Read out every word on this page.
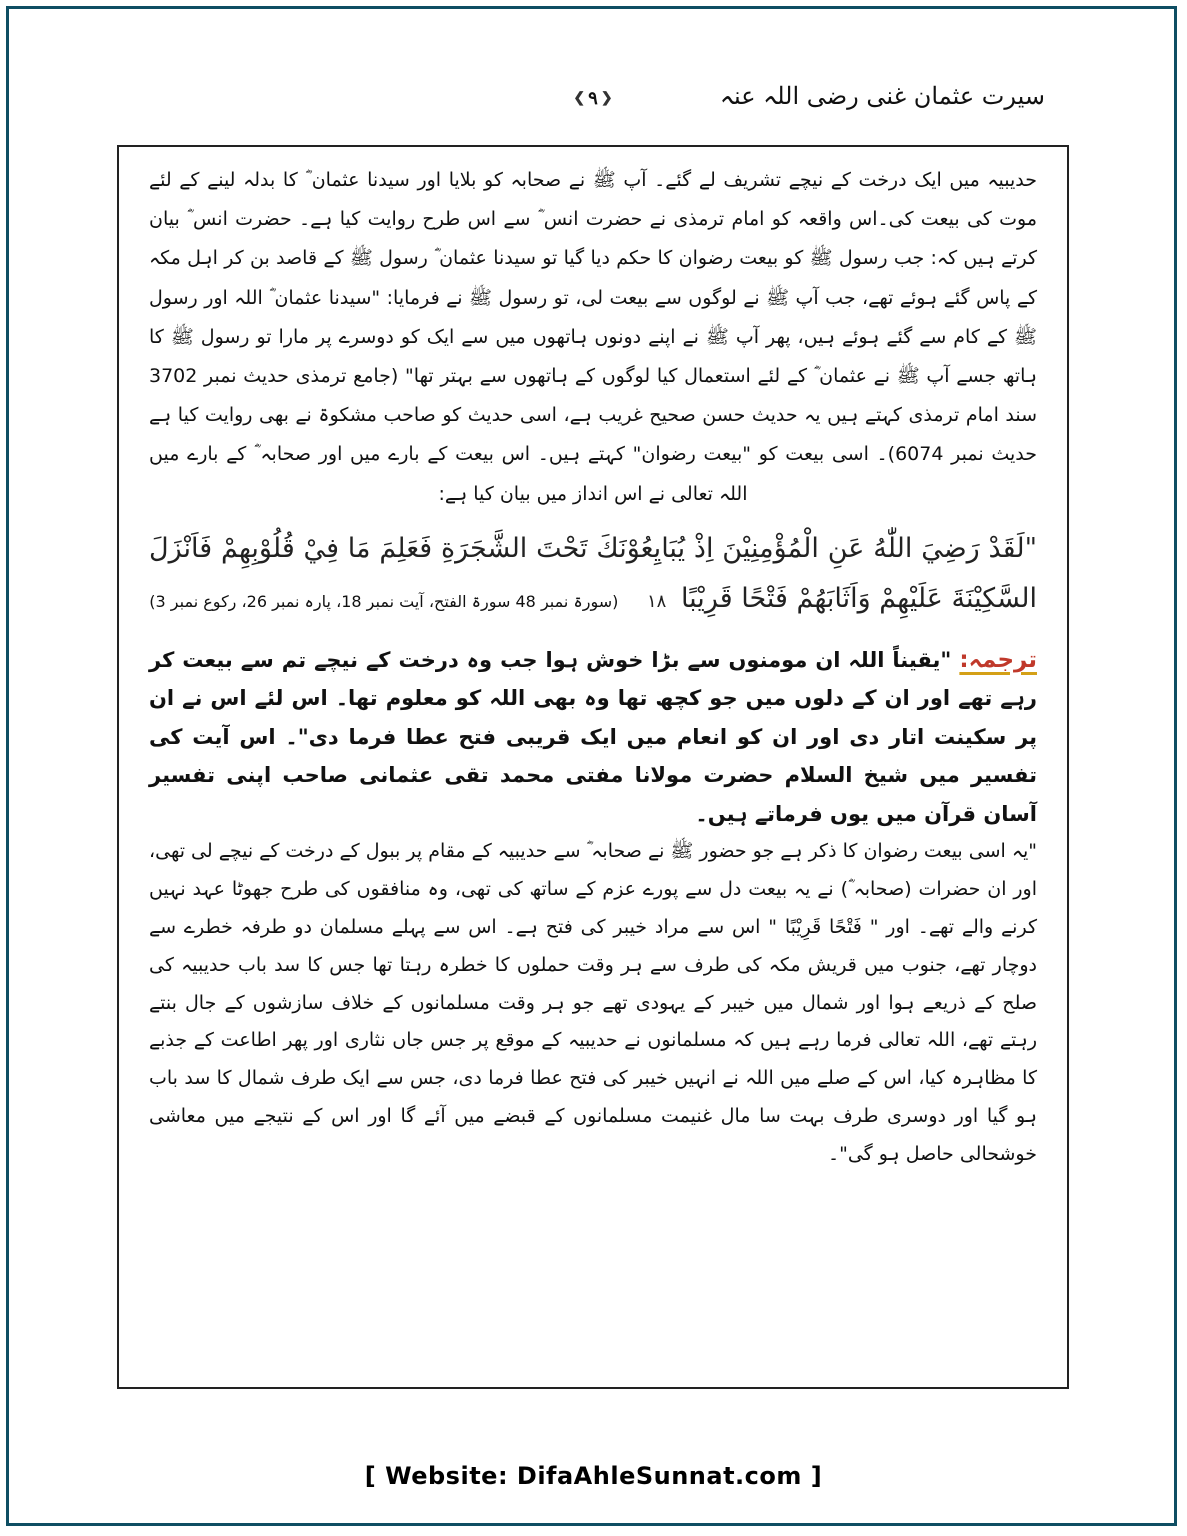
❮ ۹ ❯	سیرت عثمان غنی رضی اللہ عنہ

حدیبیہ میں ایک درخت کے نیچے تشریف لے گئے۔ آپ ﷺ نے صحابہ کو بلایا اور سیدنا عثمان ؓ کا بدلہ لینے کے لئے موت کی بیعت کی۔اس واقعہ کو امام ترمذی نے حضرت انس ؓ سے اس طرح روایت کیا ہے۔ حضرت انس ؓ بیان کرتے ہیں کہ: جب رسول ﷺ کو بیعت رضوان کا حکم دیا گیا تو سیدنا عثمان ؓ رسول ﷺ کے قاصد بن کر اہل مکہ کے پاس گئے ہوئے تھے، جب آپ ﷺ نے لوگوں سے بیعت لی، تو رسول ﷺ نے فرمایا: "سیدنا عثمان ؓ اللہ اور رسول ﷺ کے کام سے گئے ہوئے ہیں، پھر آپ ﷺ نے اپنے دونوں ہاتھوں میں سے ایک کو دوسرے پر مارا تو رسول ﷺ کا ہاتھ جسے آپ ﷺ نے عثمان ؓ کے لئے استعمال کیا لوگوں کے ہاتھوں سے بہتر تھا" (جامع ترمذی حدیث نمبر 3702 سند امام ترمذی کہتے ہیں یہ حدیث حسن صحیح غریب ہے، اسی حدیث کو صاحب مشکوۃ نے بھی روایت کیا ہے حدیث نمبر 6074)۔ اسی بیعت کو "بیعت رضوان" کہتے ہیں۔ اس بیعت کے بارے میں اور صحابہ ؓ کے بارے میں اللہ تعالی نے اس انداز میں بیان کیا ہے:

"لَقَدْ رَضِيَ اللّٰهُ عَنِ الْمُؤْمِنِيْنَ اِذْ يُبَايِعُوْنَكَ تَحْتَ الشَّجَرَةِ فَعَلِمَ مَا فِيْ قُلُوْبِهِمْ فَاَنْزَلَ السَّكِيْنَةَ عَلَيْهِمْ وَاَثَابَهُمْ فَتْحًا قَرِيْبًا ۱۸ (سورۃ نمبر 48 سورۃ الفتح، آیت نمبر 18، پارہ نمبر 26، رکوع نمبر 3)

ترجمہ: "یقیناً اللہ ان مومنوں سے بڑا خوش ہوا جب وہ درخت کے نیچے تم سے بیعت کر رہے تھے اور ان کے دلوں میں جو کچھ تھا وہ بھی اللہ کو معلوم تھا۔ اس لئے اس نے ان پر سکینت اتار دی اور ان کو انعام میں ایک قریبی فتح عطا فرما دی"۔ اس آیت کی تفسیر میں شیخ السلام حضرت مولانا مفتی محمد تقی عثمانی صاحب اپنی تفسیر آسان قرآن میں یوں فرماتے ہیں۔

"یہ اسی بیعت رضوان کا ذکر ہے جو حضور ﷺ نے صحابہ ؓ سے حدیبیہ کے مقام پر ببول کے درخت کے نیچے لی تھی، اور ان حضرات (صحابہ ؓ) نے یہ بیعت دل سے پورے عزم کے ساتھ کی تھی، وہ منافقوں کی طرح جھوٹا عہد نہیں کرنے والے تھے۔ اور " فَتْحًا قَرِيْبًا " اس سے مراد خیبر کی فتح ہے۔ اس سے پہلے مسلمان دو طرفہ خطرے سے دوچار تھے، جنوب میں قریش مکہ کی طرف سے ہر وقت حملوں کا خطرہ رہتا تھا جس کا سد باب حدیبیہ کی صلح کے ذریعے ہوا اور شمال میں خیبر کے یہودی تھے جو ہر وقت مسلمانوں کے خلاف سازشوں کے جال بنتے رہتے تھے، اللہ تعالی فرما رہے ہیں کہ مسلمانوں نے حدیبیہ کے موقع پر جس جاں نثاری اور پھر اطاعت کے جذبے کا مظاہرہ کیا، اس کے صلے میں اللہ نے انہیں خیبر کی فتح عطا فرما دی، جس سے ایک طرف شمال کا سد باب ہو گیا اور دوسری طرف بہت سا مال غنیمت مسلمانوں کے قبضے میں آئے گا اور اس کے نتیجے میں معاشی خوشحالی حاصل ہو گی"۔

[ Website: DifaAhleSunnat.com ]
